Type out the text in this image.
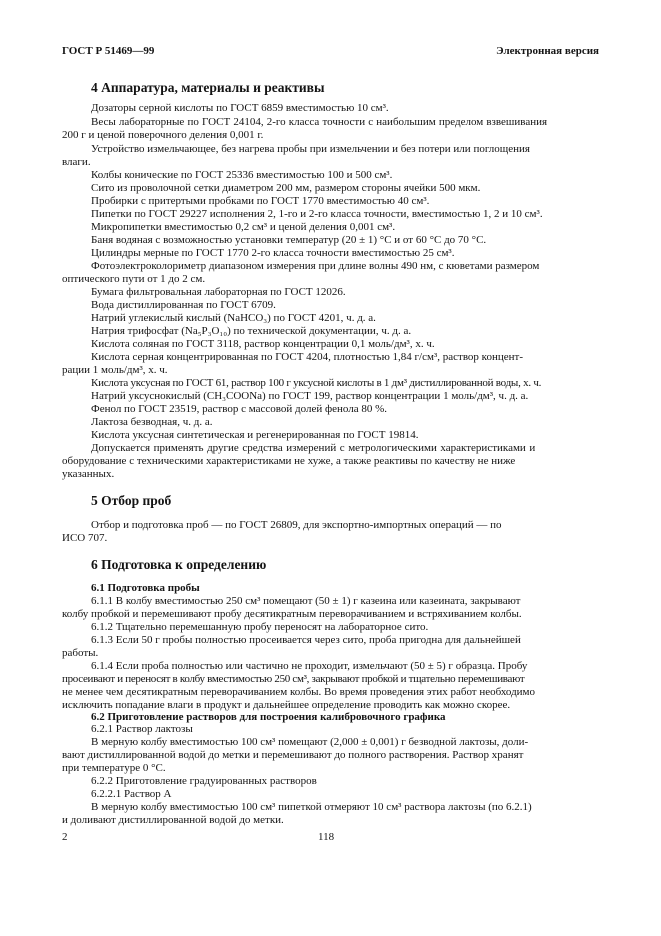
ГОСТ Р 51469—99	Электронная версия
4 Аппаратура, материалы и реактивы
Дозаторы серной кислоты по ГОСТ 6859 вместимостью 10 см³.
Весы лабораторные по ГОСТ 24104, 2-го класса точности с наибольшим пределом взвешивания
200 г и ценой поверочного деления 0,001 г.
Устройство измельчающее, без нагрева пробы при измельчении и без потери или поглощения
влаги.
Колбы конические по ГОСТ 25336 вместимостью 100 и 500 см³.
Сито из проволочной сетки диаметром 200 мм, размером стороны ячейки 500 мкм.
Пробирки с притертыми пробками по ГОСТ 1770 вместимостью 40 см³.
Пипетки по ГОСТ 29227 исполнения 2, 1-го и 2-го класса точности, вместимостью 1, 2 и 10 см³.
Микропипетки вместимостью 0,2 см³ и ценой деления 0,001 см³.
Баня водяная с возможностью установки температур (20 ± 1) °С и от 60 °С до 70 °С.
Цилиндры мерные по ГОСТ 1770 2-го класса точности вместимостью 25 см³.
Фотоэлектроколориметр диапазоном измерения при длине волны 490 нм, с кюветами размером
оптического пути от 1 до 2 см.
Бумага фильтровальная лабораторная по ГОСТ 12026.
Вода дистиллированная по ГОСТ 6709.
Натрий углекислый кислый (NaHCO₃) по ГОСТ 4201, ч. д. а.
Натрия трифосфат (Na₅P₃O₁₀) по технической документации, ч. д. а.
Кислота соляная по ГОСТ 3118, раствор концентрации 0,1 моль/дм³, х. ч.
Кислота серная концентрированная по ГОСТ 4204, плотностью 1,84 г/см³, раствор концент-
рации 1 моль/дм³, х. ч.
Кислота уксусная по ГОСТ 61, раствор 100 г уксусной кислоты в 1 дм³ дистиллированной воды, х. ч.
Натрий уксуснокислый (CH₃COONa) по ГОСТ 199, раствор концентрации 1 моль/дм³, ч. д. а.
Фенол по ГОСТ 23519, раствор с массовой долей фенола 80 %.
Лактоза безводная, ч. д. а.
Кислота уксусная синтетическая и регенерированная по ГОСТ 19814.
Допускается применять другие средства измерений с метрологическими характеристиками и
оборудование с техническими характеристиками не хуже, а также реактивы по качеству не ниже
указанных.
5 Отбор проб
Отбор и подготовка проб — по ГОСТ 26809, для экспортно-импортных операций — по
ИСО 707.
6 Подготовка к определению
6.1 Подготовка пробы
6.1.1 В колбу вместимостью 250 см³ помещают (50 ± 1) г казеина или казеината, закрывают
колбу пробкой и перемешивают пробу десятикратным переворачиванием и встряхиванием колбы.
6.1.2 Тщательно перемешанную пробу переносят на лабораторное сито.
6.1.3 Если 50 г пробы полностью просеивается через сито, проба пригодна для дальнейшей
работы.
6.1.4 Если проба полностью или частично не проходит, измельчают (50 ± 5) г образца. Пробу
просеивают и переносят в колбу вместимостью 250 см³, закрывают пробкой и тщательно перемешивают
не менее чем десятикратным переворачиванием колбы. Во время проведения этих работ необходимо
исключить попадание влаги в продукт и дальнейшее определение проводить как можно скорее.
6.2 Приготовление растворов для построения калибровочного графика
6.2.1 Раствор лактозы
В мерную колбу вместимостью 100 см³ помещают (2,000 ± 0,001) г безводной лактозы, доли-
вают дистиллированной водой до метки и перемешивают до полного растворения. Раствор хранят
при температуре 0 °С.
6.2.2 Приготовление градуированных растворов
6.2.2.1 Раствор А
В мерную колбу вместимостью 100 см³ пипеткой отмеряют 10 см³ раствора лактозы (по 6.2.1)
и доливают дистиллированной водой до метки.
2	118
